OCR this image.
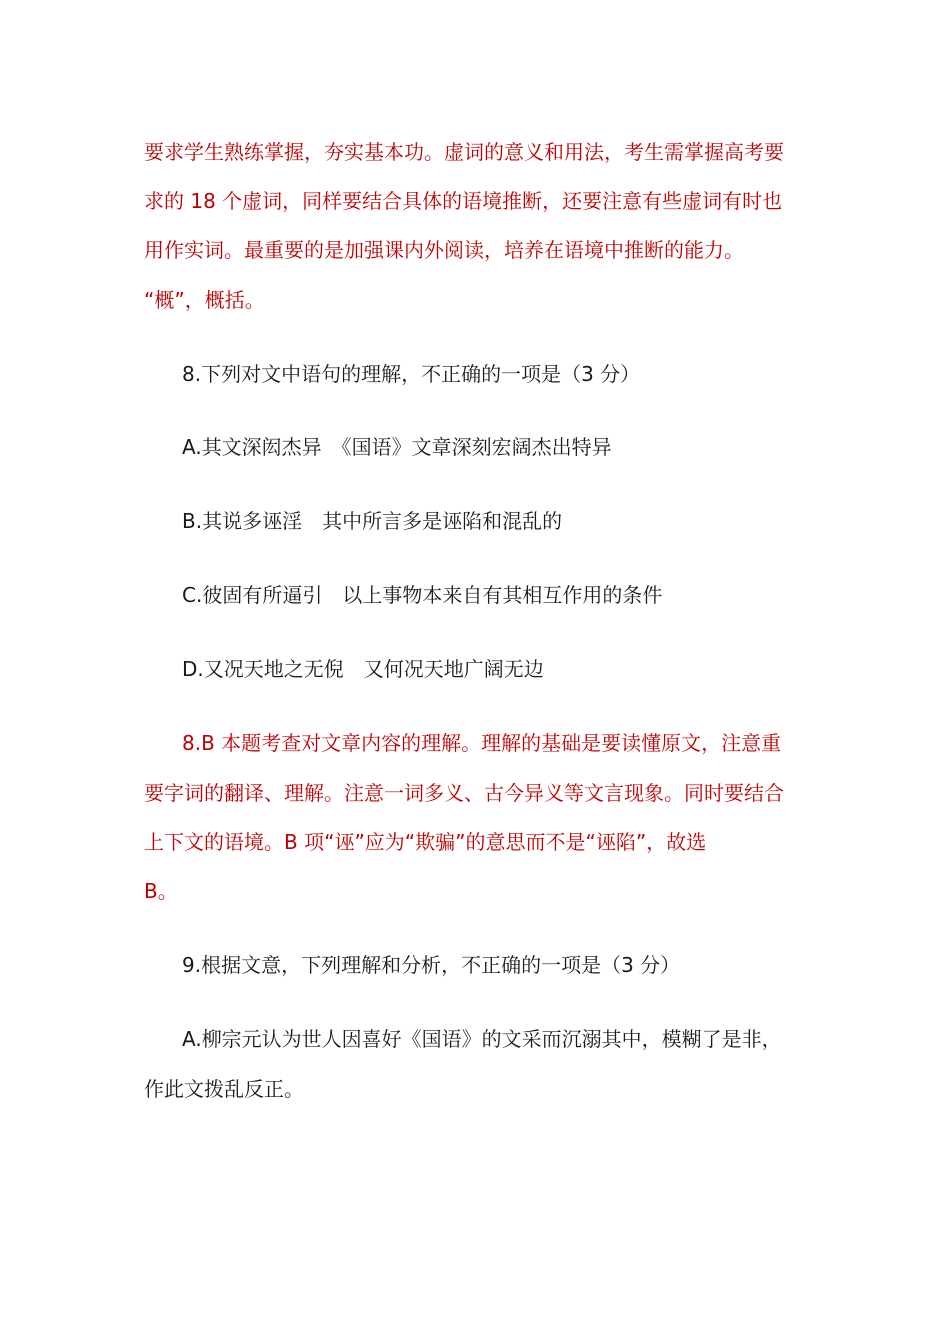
要求学生熟练掌握，夯实基本功。虚词的意义和用法，考生需掌握高考要
求的 18 个虚词，同样要结合具体的语境推断，还要注意有些虚词有时也
用作实词。最重要的是加强课内外阅读，培养在语境中推断的能力。
“概”，概括。
8.下列对文中语句的理解，不正确的一项是（3 分）
A.其文深闳杰异　《国语》文章深刻宏阔杰出特异
B.其说多诬淫　其中所言多是诬陷和混乱的
C.彼固有所逼引　以上事物本来自有其相互作用的条件
D.又况天地之无倪　又何况天地广阔无边
8.B 本题考查对文章内容的理解。理解的基础是要读懂原文，注意重
要字词的翻译、理解。注意一词多义、古今异义等文言现象。同时要结合
上下文的语境。B 项“诬”应为“欺骗”的意思而不是“诬陷”，故选
B。
9.根据文意，下列理解和分析，不正确的一项是（3 分）
A.柳宗元认为世人因喜好《国语》的文采而沉溺其中，模糊了是非，
作此文拨乱反正。
